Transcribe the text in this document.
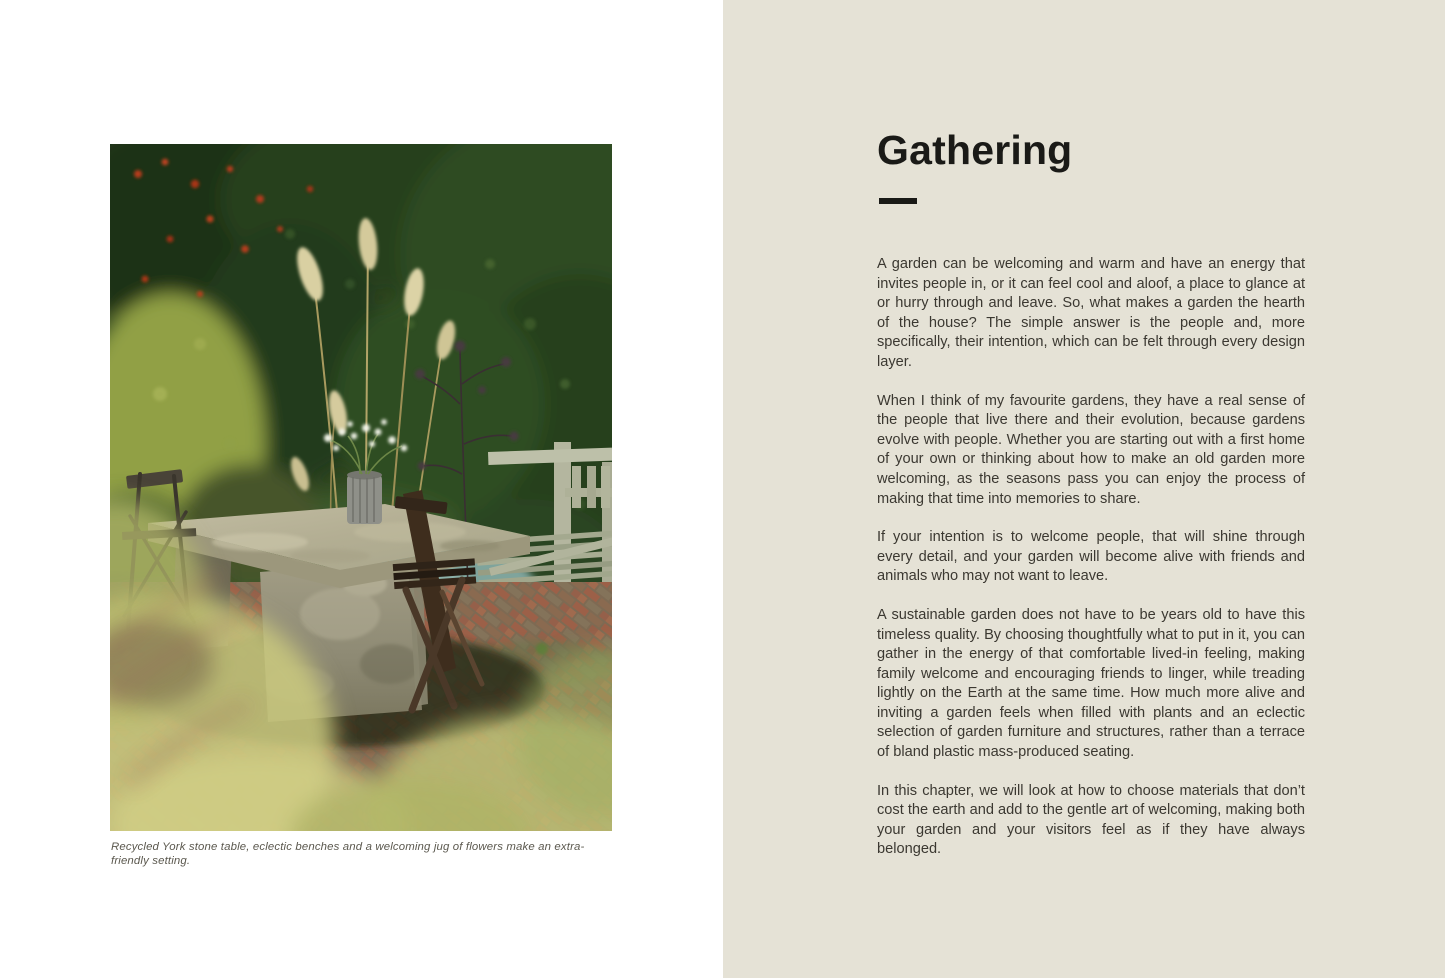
Recycled York stone table, eclectic benches and a welcoming jug of flowers make an extra-friendly setting.
Gathering

A garden can be welcoming and warm and have an energy that invites people in, or it can feel cool and aloof, a place to glance at or hurry through and leave. So, what makes a garden the hearth of the house? The simple answer is the people and, more specifically, their intention, which can be felt through every design layer.

When I think of my favourite gardens, they have a real sense of the people that live there and their evolution, because gardens evolve with people. Whether you are starting out with a first home of your own or thinking about how to make an old garden more welcoming, as the seasons pass you can enjoy the process of making that time into memories to share.

If your intention is to welcome people, that will shine through every detail, and your garden will become alive with friends and animals who may not want to leave.

A sustainable garden does not have to be years old to have this timeless quality. By choosing thoughtfully what to put in it, you can gather in the energy of that comfortable lived-in feeling, making family welcome and encouraging friends to linger, while treading lightly on the Earth at the same time. How much more alive and inviting a garden feels when filled with plants and an eclectic selection of garden furniture and structures, rather than a terrace of bland plastic mass-produced seating.

In this chapter, we will look at how to choose materials that don’t cost the earth and add to the gentle art of welcoming, making both your garden and your visitors feel as if they have always belonged.
